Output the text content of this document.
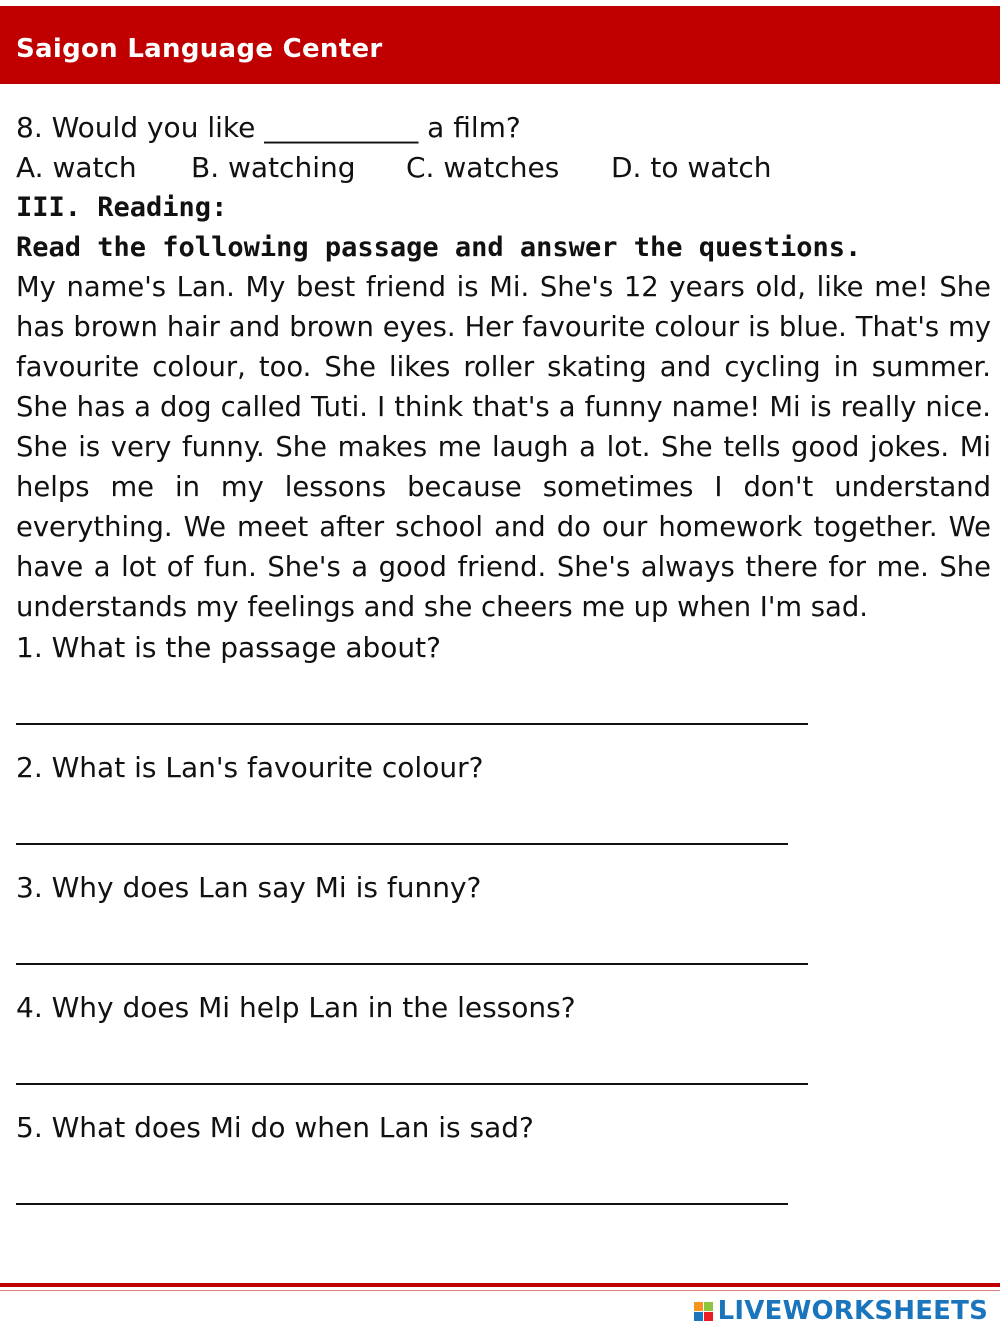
Saigon Language Center
8. Would you like ___________ a film?
A. watch B. watching C. watches D. to watch
III. Reading:
Read the following passage and answer the questions.
My name's Lan. My best friend is Mi. She's 12 years old, like me! She has brown hair and brown eyes. Her favourite colour is blue. That's my favourite colour, too. She likes roller skating and cycling in summer. She has a dog called Tuti. I think that's a funny name! Mi is really nice. She is very funny. She makes me laugh a lot. She tells good jokes. Mi helps me in my lessons because sometimes I don't understand everything. We meet after school and do our homework together. We have a lot of fun. She's a good friend. She's always there for me. She understands my feelings and she cheers me up when I'm sad.
1. What is the passage about?
2. What is Lan's favourite colour?
3. Why does Lan say Mi is funny?
4. Why does Mi help Lan in the lessons?
5. What does Mi do when Lan is sad?
LIVEWORKSHEETS
